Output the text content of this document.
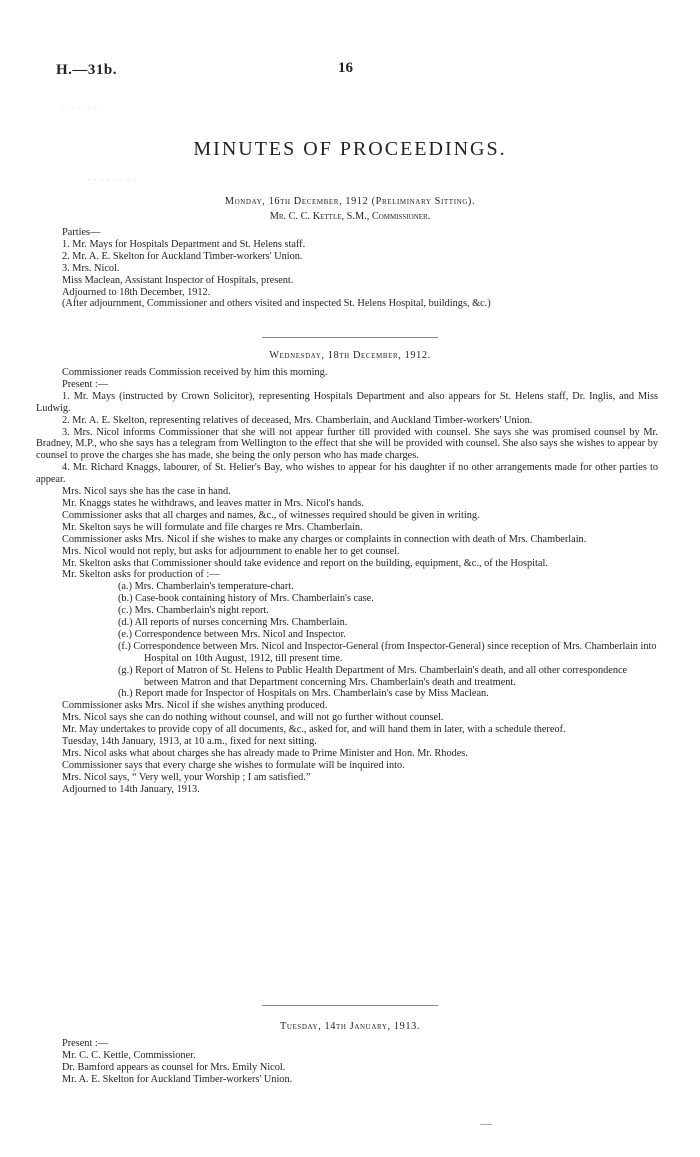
H.—31b.	16
. .. . .. . .
MINUTES OF PROCEEDINGS.
. . . . . . . .
Monday, 16th December, 1912 (Preliminary Sitting).
Mr. C. C. Kettle, S.M., Commissioner.

Parties—

1. Mr. Mays for Hospitals Department and St. Helens staff.

2. Mr. A. E. Skelton for Auckland Timber-workers' Union.

3. Mrs. Nicol.

Miss Maclean, Assistant Inspector of Hospitals, present.

Adjourned to 18th December, 1912.

(After adjournment, Commissioner and others visited and inspected St. Helens Hospital, buildings, &c.)

Wednesday, 18th December, 1912.

Commissioner reads Commission received by him this morning.

Present :—

1. Mr. Mays (instructed by Crown Solicitor), representing Hospitals Department and also appears for St. Helens staff, Dr. Inglis, and Miss Ludwig.

2. Mr. A. E. Skelton, representing relatives of deceased, Mrs. Chamberlain, and Auckland Timber-workers' Union.

3. Mrs. Nicol informs Commissioner that she will not appear further till provided with counsel. She says she was promised counsel by Mr. Bradney, M.P., who she says has a telegram from Wellington to the effect that she will be provided with counsel. She also says she wishes to appear by counsel to prove the charges she has made, she being the only person who has made charges.

4. Mr. Richard Knaggs, labourer, of St. Helier's Bay, who wishes to appear for his daughter if no other arrangements made for other parties to appear.

Mrs. Nicol says she has the case in hand.

Mr. Knaggs states he withdraws, and leaves matter in Mrs. Nicol's hands.

Commissioner asks that all charges and names, &c., of witnesses required should be given in writing.

Mr. Skelton says he will formulate and file charges re Mrs. Chamberlain.

Commissioner asks Mrs. Nicol if she wishes to make any charges or complaints in connection with death of Mrs. Chamberlain.

Mrs. Nicol would not reply, but asks for adjournment to enable her to get counsel.

Mr. Skelton asks that Commissioner should take evidence and report on the building, equipment, &c., of the Hospital.

Mr. Skelton asks for production of :—

(a.) Mrs. Chamberlain's temperature-chart.

(b.) Case-book containing history of Mrs. Chamberlain's case.

(c.) Mrs. Chamberlain's night report.

(d.) All reports of nurses concerning Mrs. Chamberlain.

(e.) Correspondence between Mrs. Nicol and Inspector.

(f.) Correspondence between Mrs. Nicol and Inspector-General (from Inspector-General) since reception of Mrs. Chamberlain into Hospital on 10th August, 1912, till present time.

(g.) Report of Matron of St. Helens to Public Health Department of Mrs. Chamberlain's death, and all other correspondence between Matron and that Department concerning Mrs. Chamberlain's death and treatment.

(h.) Report made for Inspector of Hospitals on Mrs. Chamberlain's case by Miss Maclean.

Commissioner asks Mrs. Nicol if she wishes anything produced.

Mrs. Nicol says she can do nothing without counsel, and will not go further without counsel.

Mr. May undertakes to provide copy of all documents, &c., asked for, and will hand them in later, with a schedule thereof.

Tuesday, 14th January, 1913, at 10 a.m., fixed for next sitting.

Mrs. Nicol asks what about charges she has already made to Prime Minister and Hon. Mr. Rhodes.

Commissioner says that every charge she wishes to formulate will be inquired into.

Mrs. Nicol says, “ Very well, your Worship ; I am satisfied.”

Adjourned to 14th January, 1913.

Tuesday, 14th January, 1913.

Present :—

Mr. C. C. Kettle, Commissioner.

Dr. Bamford appears as counsel for Mrs. Emily Nicol.

Mr. A. E. Skelton for Auckland Timber-workers' Union.
